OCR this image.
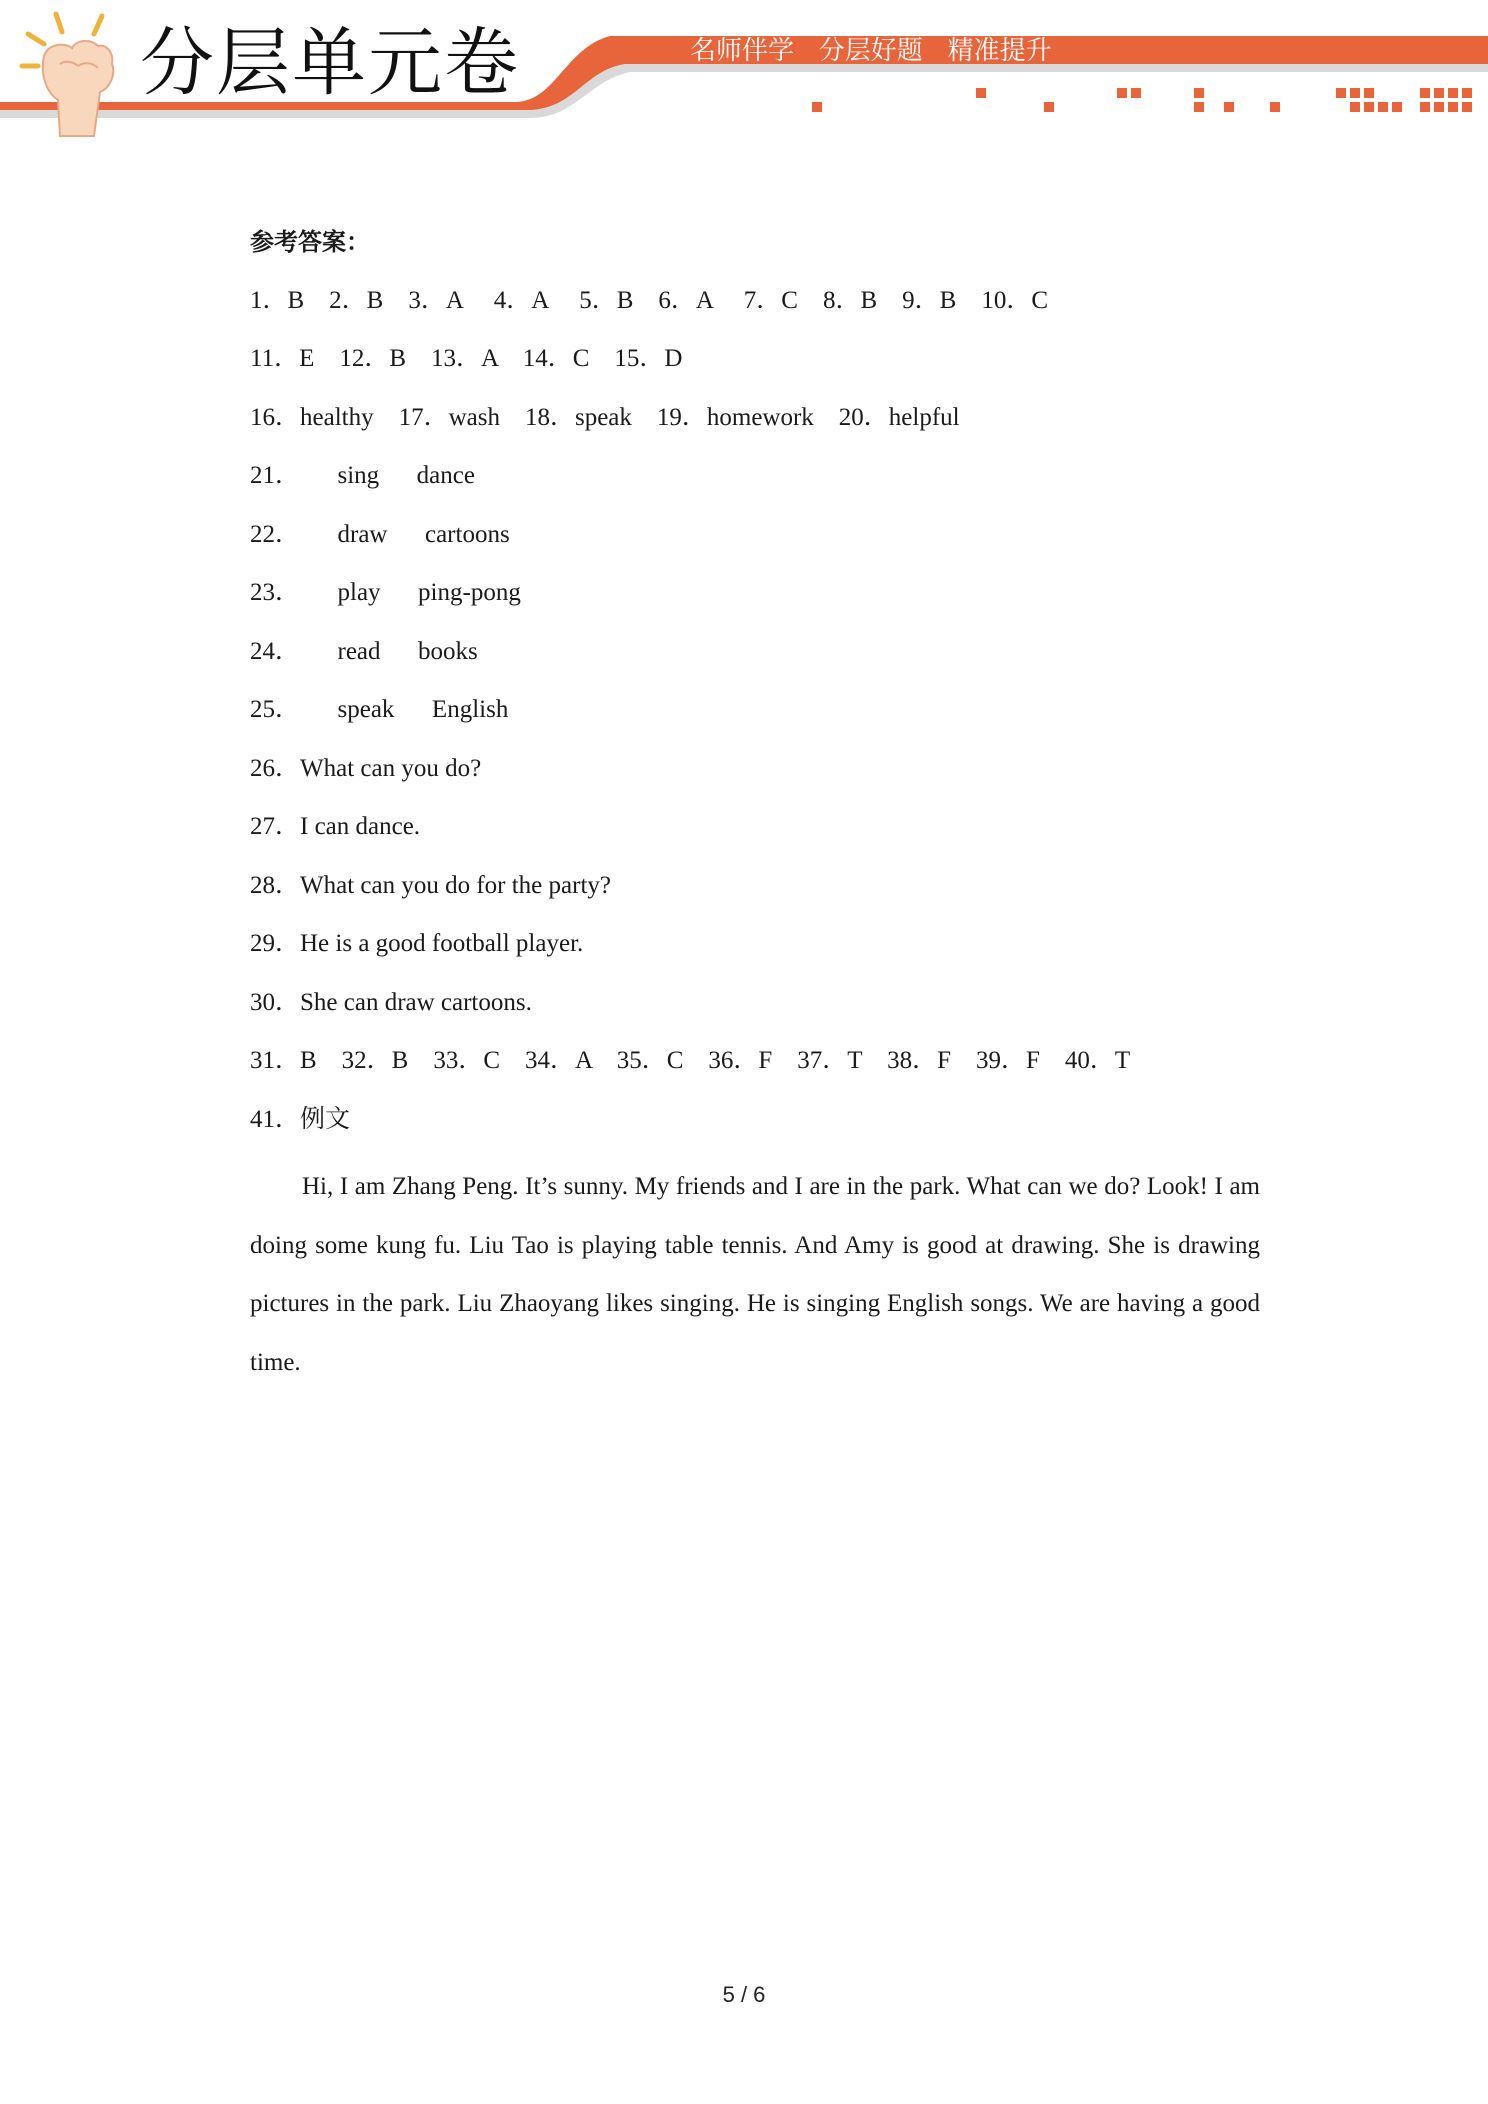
分层单元卷	名师伴学   分层好题   精准提升
参考答案：
1．B    2．B    3．A     4．A     5．B    6．A     7．C    8．B    9．B    10．C
11．E    12．B    13．A    14．C    15．D
16．healthy    17．wash    18．speak    19．homework    20．helpful
21．      sing      dance
22．      draw      cartoons
23．      play      ping-pong
24．      read      books
25．      speak      English
26．What can you do?
27．I can dance.
28．What can you do for the party?
29．He is a good football player.
30．She can draw cartoons.
31．B    32．B    33．C    34．A    35．C    36．F    37．T    38．F    39．F    40．T
41．例文
Hi, I am Zhang Peng. It’s sunny. My friends and I are in the park. What can we do? Look! I am doing some kung fu. Liu Tao is playing table tennis. And Amy is good at drawing. She is drawing pictures in the park. Liu Zhaoyang likes singing. He is singing English songs. We are having a good time.
5 / 6
